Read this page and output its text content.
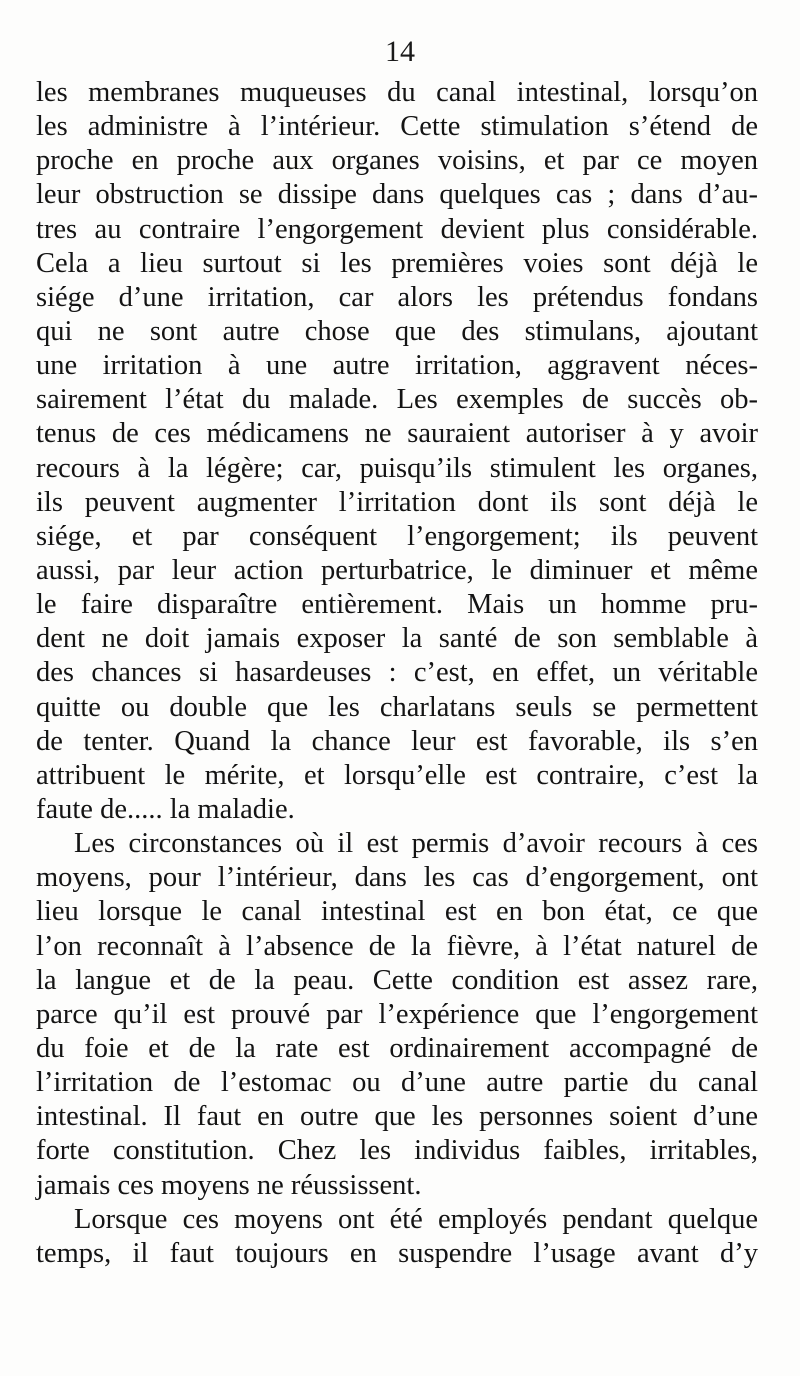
14
les membranes muqueuses du canal intestinal, lorsqu’on
les administre à l’intérieur. Cette stimulation s’étend de
proche en proche aux organes voisins, et par ce moyen
leur obstruction se dissipe dans quelques cas ; dans d’au-
tres au contraire l’engorgement devient plus considérable.
Cela a lieu surtout si les premières voies sont déjà le
siége d’une irritation, car alors les prétendus fondans
qui ne sont autre chose que des stimulans, ajoutant
une irritation à une autre irritation, aggravent néces-
sairement l’état du malade. Les exemples de succès ob-
tenus de ces médicamens ne sauraient autoriser à y avoir
recours à la légère; car, puisqu’ils stimulent les organes,
ils peuvent augmenter l’irritation dont ils sont déjà le
siége, et par conséquent l’engorgement; ils peuvent
aussi, par leur action perturbatrice, le diminuer et même
le faire disparaître entièrement. Mais un homme pru-
dent ne doit jamais exposer la santé de son semblable à
des chances si hasardeuses : c’est, en effet, un véritable
quitte ou double que les charlatans seuls se permettent
de tenter. Quand la chance leur est favorable, ils s’en
attribuent le mérite, et lorsqu’elle est contraire, c’est la
faute de..... la maladie.
Les circonstances où il est permis d’avoir recours à ces
moyens, pour l’intérieur, dans les cas d’engorgement, ont
lieu lorsque le canal intestinal est en bon état, ce que
l’on reconnaît à l’absence de la fièvre, à l’état naturel de
la langue et de la peau. Cette condition est assez rare,
parce qu’il est prouvé par l’expérience que l’engorgement
du foie et de la rate est ordinairement accompagné de
l’irritation de l’estomac ou d’une autre partie du canal
intestinal. Il faut en outre que les personnes soient d’une
forte constitution. Chez les individus faibles, irritables,
jamais ces moyens ne réussissent.
Lorsque ces moyens ont été employés pendant quelque
temps, il faut toujours en suspendre l’usage avant d’y
